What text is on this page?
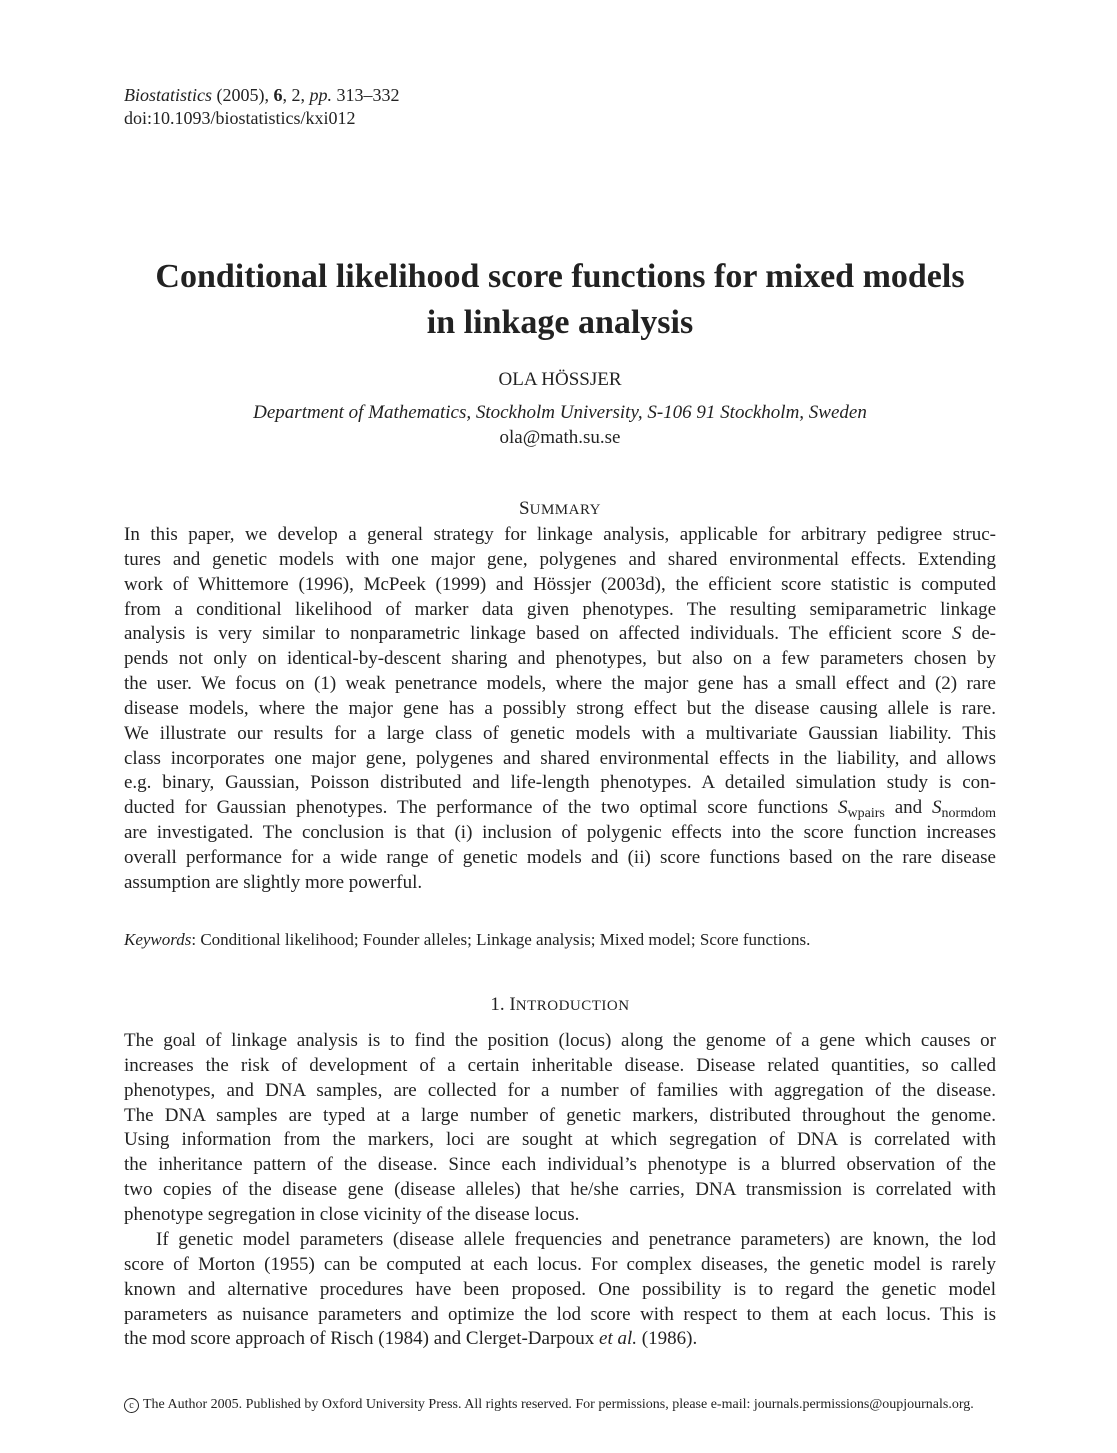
Biostatistics (2005), 6, 2, pp. 313–332
doi:10.1093/biostatistics/kxi012
Conditional likelihood score functions for mixed models
in linkage analysis
OLA HÖSSJER
Department of Mathematics, Stockholm University, S-106 91 Stockholm, Sweden
ola@math.su.se
SUMMARY
In this paper, we develop a general strategy for linkage analysis, applicable for arbitrary pedigree struc-
tures and genetic models with one major gene, polygenes and shared environmental effects. Extending
work of Whittemore (1996), McPeek (1999) and Hössjer (2003d), the efficient score statistic is computed
from a conditional likelihood of marker data given phenotypes. The resulting semiparametric linkage
analysis is very similar to nonparametric linkage based on affected individuals. The efficient score S de-
pends not only on identical-by-descent sharing and phenotypes, but also on a few parameters chosen by
the user. We focus on (1) weak penetrance models, where the major gene has a small effect and (2) rare
disease models, where the major gene has a possibly strong effect but the disease causing allele is rare.
We illustrate our results for a large class of genetic models with a multivariate Gaussian liability. This
class incorporates one major gene, polygenes and shared environmental effects in the liability, and allows
e.g. binary, Gaussian, Poisson distributed and life-length phenotypes. A detailed simulation study is con-
ducted for Gaussian phenotypes. The performance of the two optimal score functions $S_{wpairs}$ and $S_{normdom}$
are investigated. The conclusion is that (i) inclusion of polygenic effects into the score function increases
overall performance for a wide range of genetic models and (ii) score functions based on the rare disease
assumption are slightly more powerful.
Keywords: Conditional likelihood; Founder alleles; Linkage analysis; Mixed model; Score functions.
1. INTRODUCTION
The goal of linkage analysis is to find the position (locus) along the genome of a gene which causes or
increases the risk of development of a certain inheritable disease. Disease related quantities, so called
phenotypes, and DNA samples, are collected for a number of families with aggregation of the disease.
The DNA samples are typed at a large number of genetic markers, distributed throughout the genome.
Using information from the markers, loci are sought at which segregation of DNA is correlated with
the inheritance pattern of the disease. Since each individual’s phenotype is a blurred observation of the
two copies of the disease gene (disease alleles) that he/she carries, DNA transmission is correlated with
phenotype segregation in close vicinity of the disease locus.
If genetic model parameters (disease allele frequencies and penetrance parameters) are known, the lod
score of Morton (1955) can be computed at each locus. For complex diseases, the genetic model is rarely
known and alternative procedures have been proposed. One possibility is to regard the genetic model
parameters as nuisance parameters and optimize the lod score with respect to them at each locus. This is
the mod score approach of Risch (1984) and Clerget-Darpoux et al. (1986).
c The Author 2005. Published by Oxford University Press. All rights reserved. For permissions, please e-mail: journals.permissions@oupjournals.org.
